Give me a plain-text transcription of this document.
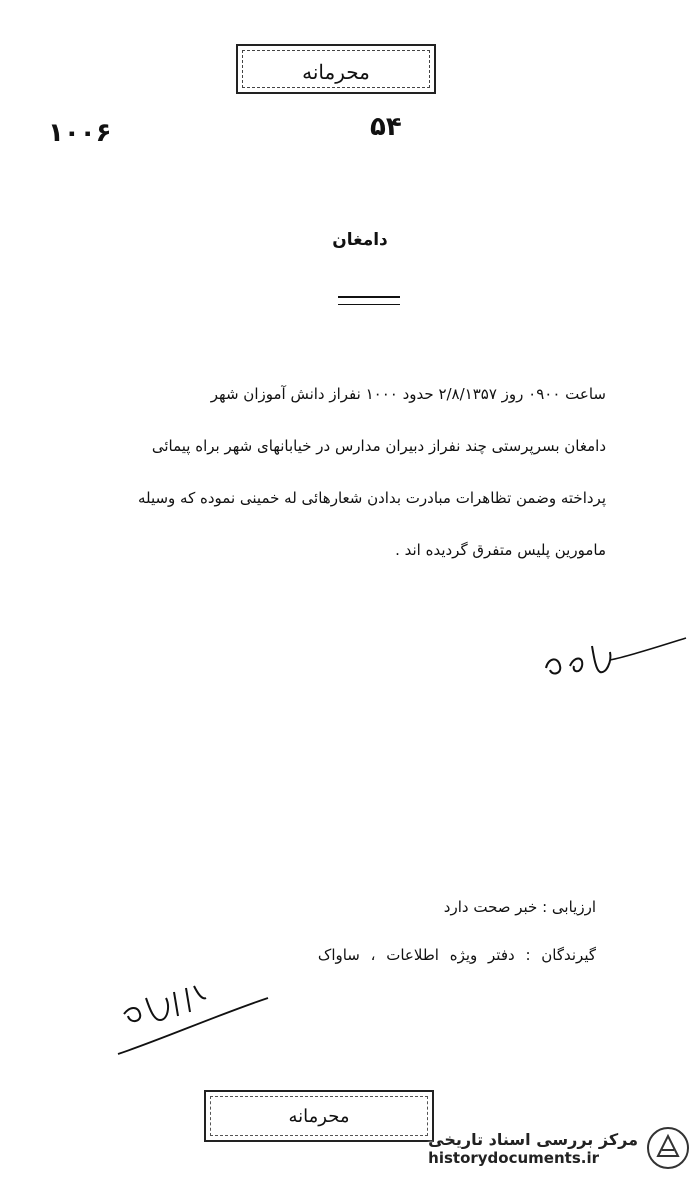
محرمانه
۱۰۰۶	۵۴
دامغان
ساعت ۰۹۰۰ روز ۲/۸/۱۳۵۷ حدود ۱۰۰۰ نفراز دانش آموزان شهر
دامغان بسرپرستی چند نفراز دبیران مدارس در خیابانهای شهر براه پیمائی
پرداخته وضمن تظاهرات مبادرت بدادن شعارهائی له خمینی نموده که وسیله
مامورین پلیس متفرق گردیده اند .
ارزیابی : خبر صحت دارد
گیرندگان : دفتر ویژه اطلاعات ، ساواک
محرمانه
مرکز بررسی اسناد تاریخی
historydocuments.ir
